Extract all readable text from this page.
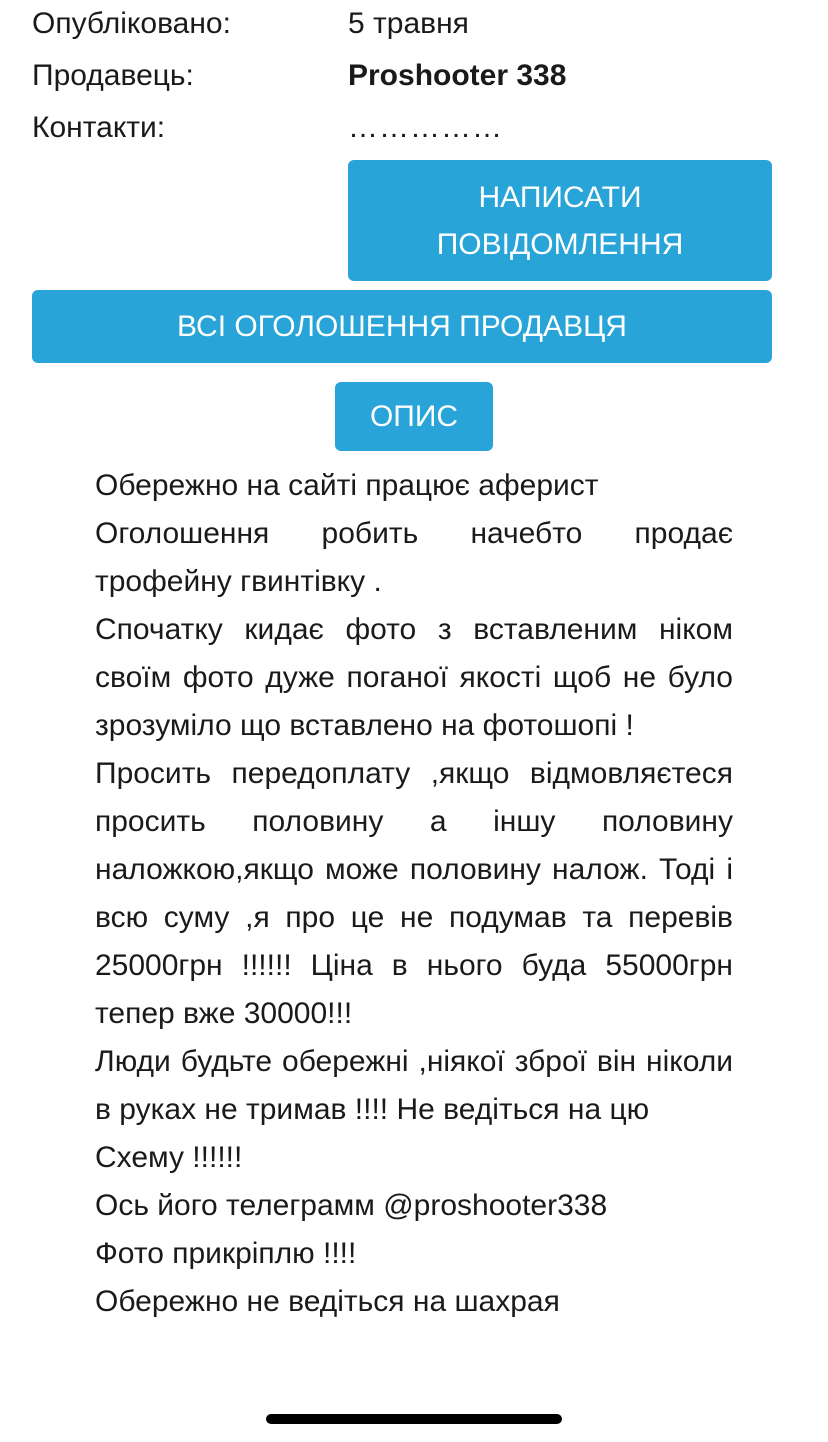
Опубліковано:	5 травня
Продавець:	Proshooter 338
Контакти:	……………
НАПИСАТИ
ПОВІДОМЛЕННЯ
ВСІ ОГОЛОШЕННЯ ПРОДАВЦЯ
ОПИС

Обережно на сайті працює аферист

Оголошення робить начебто продає трофейну гвинтівку .

Спочатку кидає фото з вставленим ніком своїм фото дуже поганої якості щоб не було зрозуміло що вставлено на фотошопі !

Просить передоплату ,якщо відмовляєтеся просить половину а іншу половину наложкою,якщо може половину налож. Тоді і всю суму ,я про це не подумав та перевів 25000грн !!!!!! Ціна в нього буда 55000грн тепер вже 30000!!!

Люди будьте обережні ,ніякої зброї він ніколи в руках не тримав !!!! Не ведіться на цю

Схему !!!!!!

Ось його телеграмм @proshooter338

Фото прикріплю !!!!

Обережно не ведіться на шахрая
